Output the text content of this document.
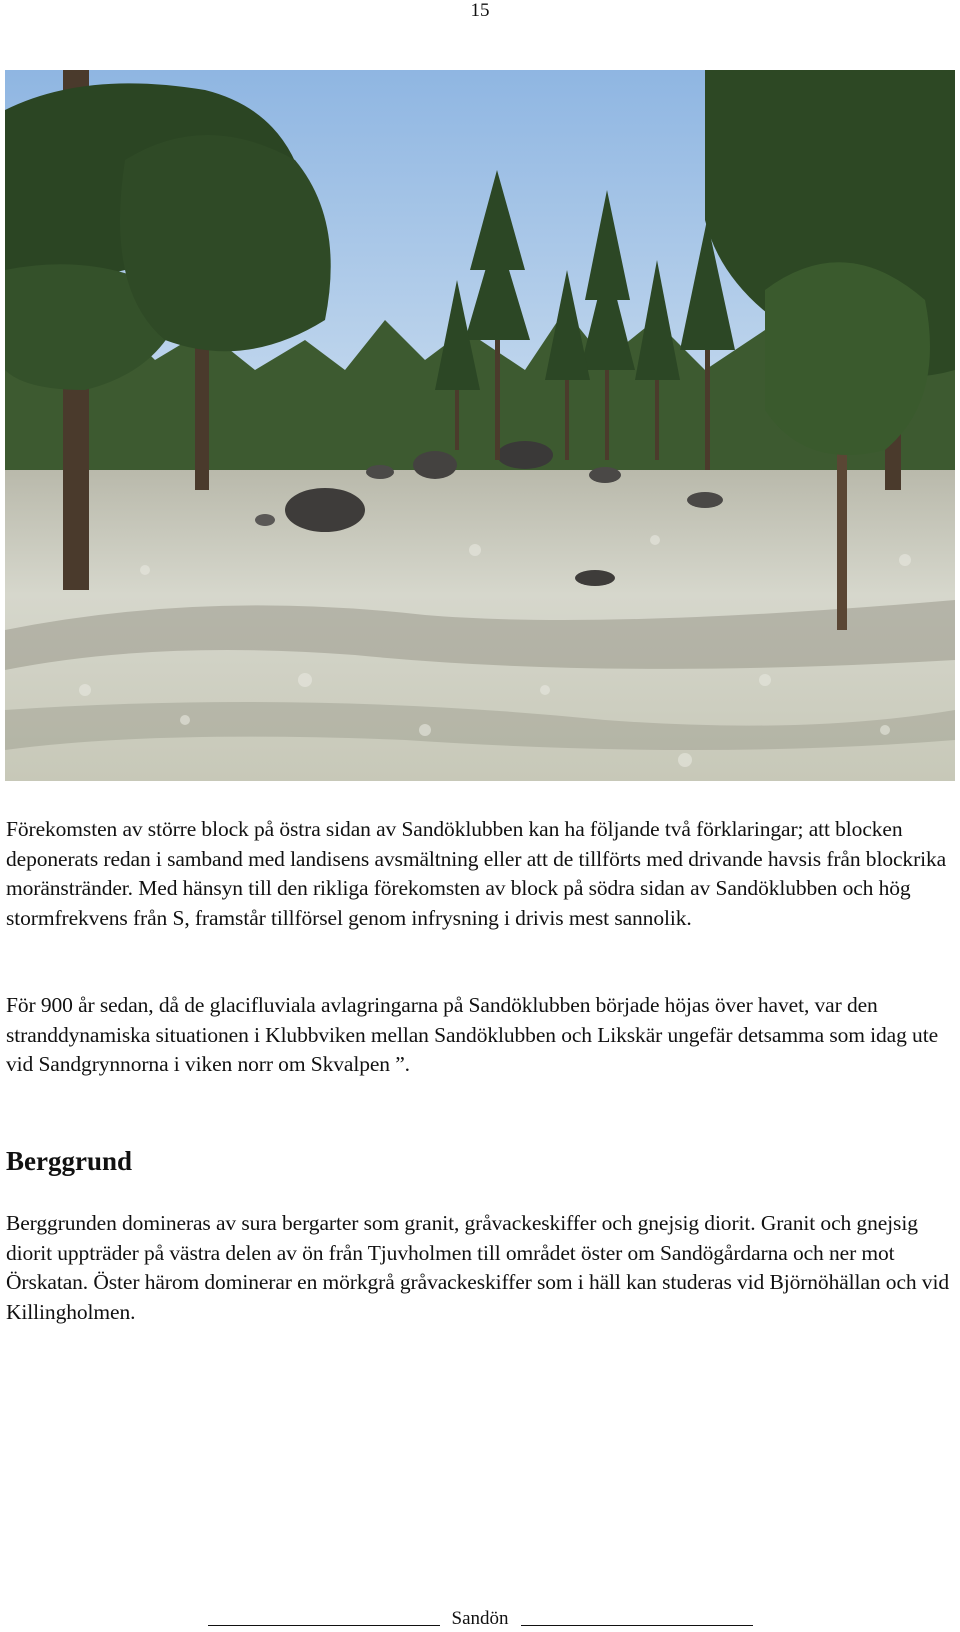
15

Förekomsten av större block på östra sidan av Sandöklubben kan ha följande två förklaringar; att blocken deponerats redan i samband med landisens avsmältning eller att de tillförts med drivande havsis från blockrika moränstränder. Med hänsyn till den rikliga förekomsten av block på södra sidan av Sandöklubben och hög stormfrekvens från S, framstår tillförsel genom infrysning i drivis mest sannolik.

För 900 år sedan, då de glacifluviala avlagringarna på Sandöklubben började höjas över havet, var den stranddynamiska situationen i Klubbviken mellan Sandöklubben och Likskär ungefär detsamma som idag ute vid Sandgrynnorna i viken norr om Skvalpen ”.

Berggrund

Berggrunden domineras av sura bergarter som granit, gråvackeskiffer och gnejsig diorit. Granit och gnejsig diorit uppträder på västra delen av ön från Tjuvholmen till området öster om Sandögårdarna och ner mot Örskatan. Öster härom dominerar en mörkgrå gråvackeskiffer som i häll kan studeras vid Björnöhällan och vid Killingholmen.

Sandön
